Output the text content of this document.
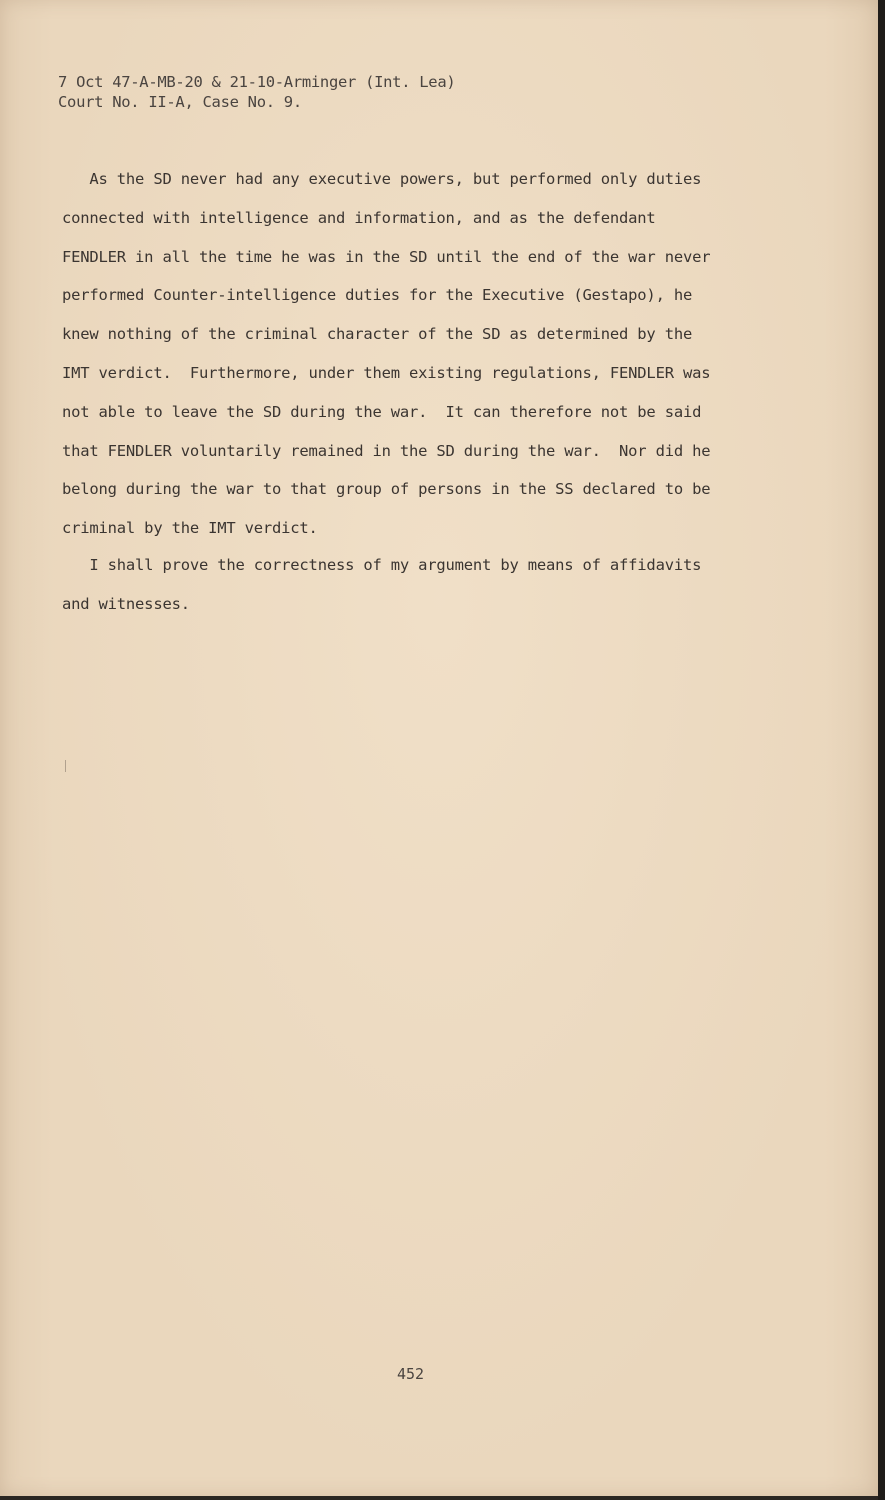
7 Oct 47-A-MB-20 & 21-10-Arminger (Int. Lea)
Court No. II-A, Case No. 9.
As the SD never had any executive powers, but performed only duties
connected with intelligence and information, and as the defendant
FENDLER in all the time he was in the SD until the end of the war never
performed Counter-intelligence duties for the Executive (Gestapo), he
knew nothing of the criminal character of the SD as determined by the
IMT verdict.  Furthermore, under them existing regulations, FENDLER was
not able to leave the SD during the war.  It can therefore not be said
that FENDLER voluntarily remained in the SD during the war.  Nor did he
belong during the war to that group of persons in the SS declared to be
criminal by the IMT verdict.
I shall prove the correctness of my argument by means of affidavits
and witnesses.
452
